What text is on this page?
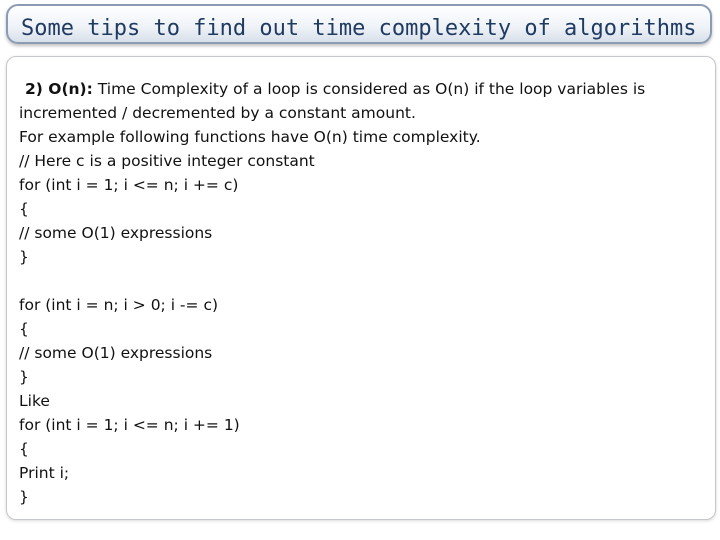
Some tips to find out time complexity of algorithms
2) O(n): Time Complexity of a loop is considered as O(n) if the loop variables is
incremented / decremented by a constant amount.
For example following functions have O(n) time complexity.
// Here c is a positive integer constant
for (int i = 1; i <= n; i += c)
{
// some O(1) expressions
}
for (int i = n; i > 0; i -= c)
{
// some O(1) expressions
}
Like
for (int i = 1; i <= n; i += 1)
{
Print i;
}
